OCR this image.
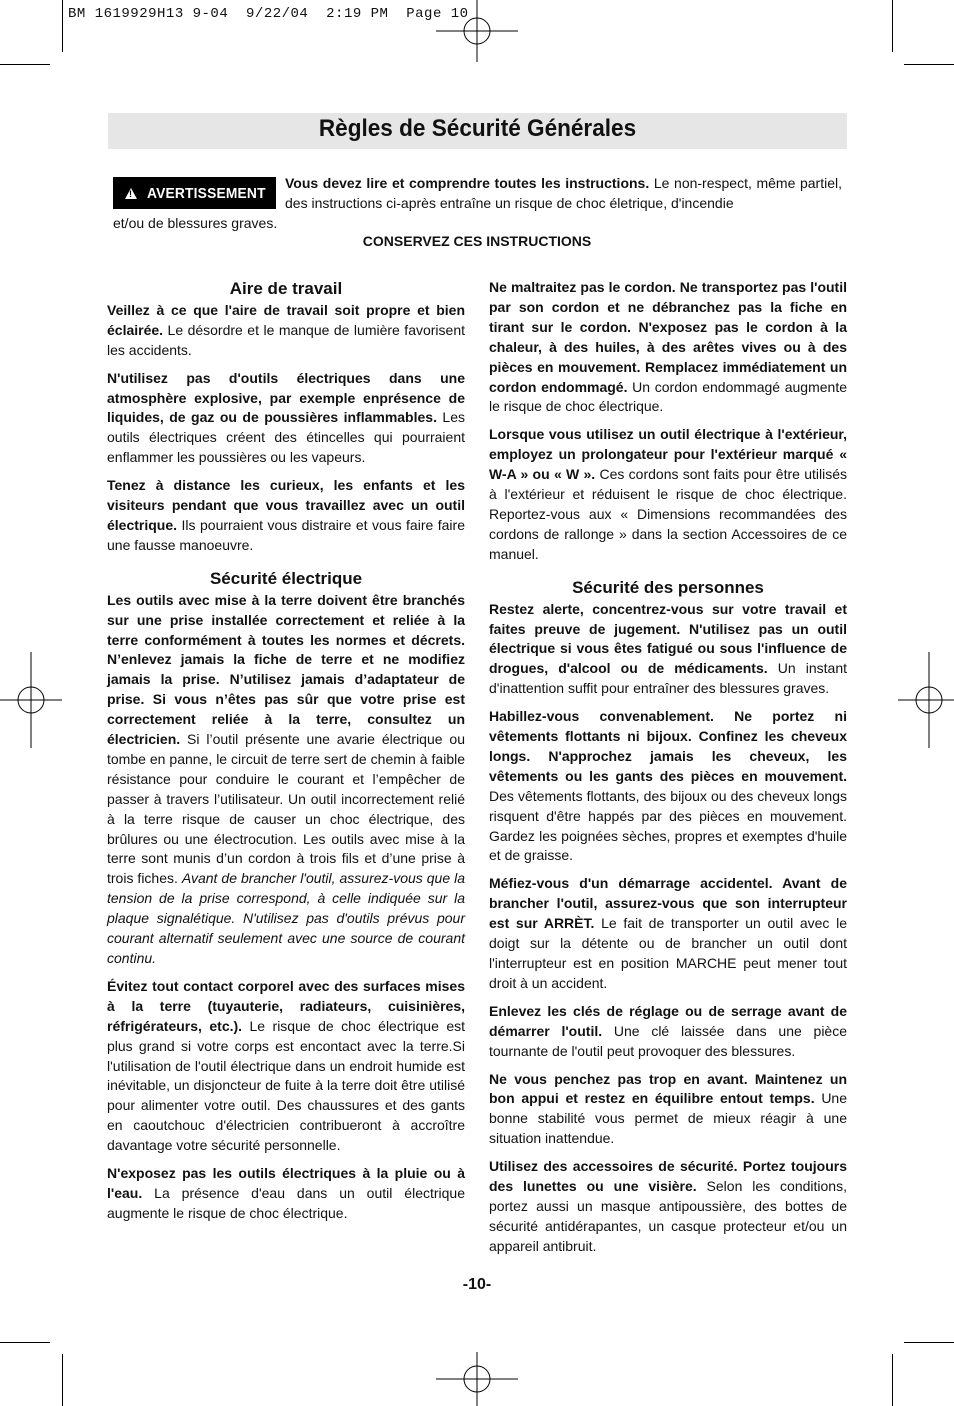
BM 1619929H13 9-04  9/22/04  2:19 PM  Page 10
Règles de Sécurité Générales
! AVERTISSEMENT
Vous devez lire et comprendre toutes les instructions. Le non-respect, même partiel, des instructions ci-après entraîne un risque de choc életrique, d'incendie
et/ou de blessures graves.
CONSERVEZ CES INSTRUCTIONS
Aire de travail

Veillez à ce que l'aire de travail soit propre et bien éclairée. Le désordre et le manque de lumière favorisent les accidents.

N'utilisez pas d'outils électriques dans une atmosphère explosive, par exemple enprésence de liquides, de gaz ou de poussières inflammables. Les outils électriques créent des étincelles qui pourraient enflammer les poussières ou les vapeurs.

Tenez à distance les curieux, les enfants et les visiteurs pendant que vous travaillez avec un outil électrique. Ils pourraient vous distraire et vous faire faire une fausse manoeuvre.

Sécurité électrique

Les outils avec mise à la terre doivent être branchés sur une prise installée correctement et reliée à la terre conformément à toutes les normes et décrets. N’enlevez jamais la fiche de terre et ne modifiez jamais la prise. N’utilisez jamais d’adaptateur de prise. Si vous n’êtes pas sûr que votre prise est correctement reliée à la terre, consultez un électricien. Si l’outil présente une avarie électrique ou tombe en panne, le circuit de terre sert de chemin à faible résistance pour conduire le courant et l’empêcher de passer à travers l’utilisateur. Un outil incorrectement relié à la terre risque de causer un choc électrique, des brûlures ou une électrocution. Les outils avec mise à la terre sont munis d’un cordon à trois fils et d’une prise à trois fiches. Avant de brancher l'outil, assurez-vous que la tension de la prise correspond, à celle indiquée sur la plaque signalétique. N'utilisez pas d'outils prévus pour courant alternatif seulement avec une source de courant continu.

Évitez tout contact corporel avec des surfaces mises à la terre (tuyauterie, radiateurs, cuisinières, réfrigérateurs, etc.). Le risque de choc électrique est plus grand si votre corps est encontact avec la terre.Si l'utilisation de l'outil électrique dans un endroit humide est inévitable, un disjoncteur de fuite à la terre doit être utilisé pour alimenter votre outil. Des chaussures et des gants en caoutchouc d'électricien contribueront à accroître davantage votre sécurité personnelle.

N'exposez pas les outils électriques à la pluie ou à l'eau. La présence d'eau dans un outil électrique augmente le risque de choc électrique.

Ne maltraitez pas le cordon. Ne transportez pas l'outil par son cordon et ne débranchez pas la fiche en tirant sur le cordon. N'exposez pas le cordon à la chaleur, à des huiles, à des arêtes vives ou à des pièces en mouvement. Remplacez immédiatement un cordon endommagé. Un cordon endommagé augmente le risque de choc électrique.

Lorsque vous utilisez un outil électrique à l'extérieur, employez un prolongateur pour l'extérieur marqué « W-A » ou « W ». Ces cordons sont faits pour être utilisés à l'extérieur et réduisent le risque de choc électrique. Reportez-vous aux « Dimensions recommandées des cordons de rallonge » dans la section Accessoires de ce manuel.

Sécurité des personnes

Restez alerte, concentrez-vous sur votre travail et faites preuve de jugement. N'utilisez pas un outil électrique si vous êtes fatigué ou sous l'influence de drogues, d'alcool ou de médicaments. Un instant d'inattention suffit pour entraîner des blessures graves.

Habillez-vous convenablement. Ne portez ni vêtements flottants ni bijoux. Confinez les cheveux longs. N'approchez jamais les cheveux, les vêtements ou les gants des pièces en mouvement. Des vêtements flottants, des bijoux ou des cheveux longs risquent d'être happés par des pièces en mouvement. Gardez les poignées sèches, propres et exemptes d'huile et de graisse.

Méfiez-vous d'un démarrage accidentel. Avant de brancher l'outil, assurez-vous que son interrupteur est sur ARRÈT. Le fait de transporter un outil avec le doigt sur la détente ou de brancher un outil dont l'interrupteur est en position MARCHE peut mener tout droit à un accident.

Enlevez les clés de réglage ou de serrage avant de démarrer l'outil. Une clé laissée dans une pièce tournante de l'outil peut provoquer des blessures.

Ne vous penchez pas trop en avant. Maintenez un bon appui et restez en équilibre entout temps. Une bonne stabilité vous permet de mieux réagir à une situation inattendue.

Utilisez des accessoires de sécurité. Portez toujours des lunettes ou une visière. Selon les conditions, portez aussi un masque antipoussière, des bottes de sécurité antidérapantes, un casque protecteur et/ou un appareil antibruit.

-10-
